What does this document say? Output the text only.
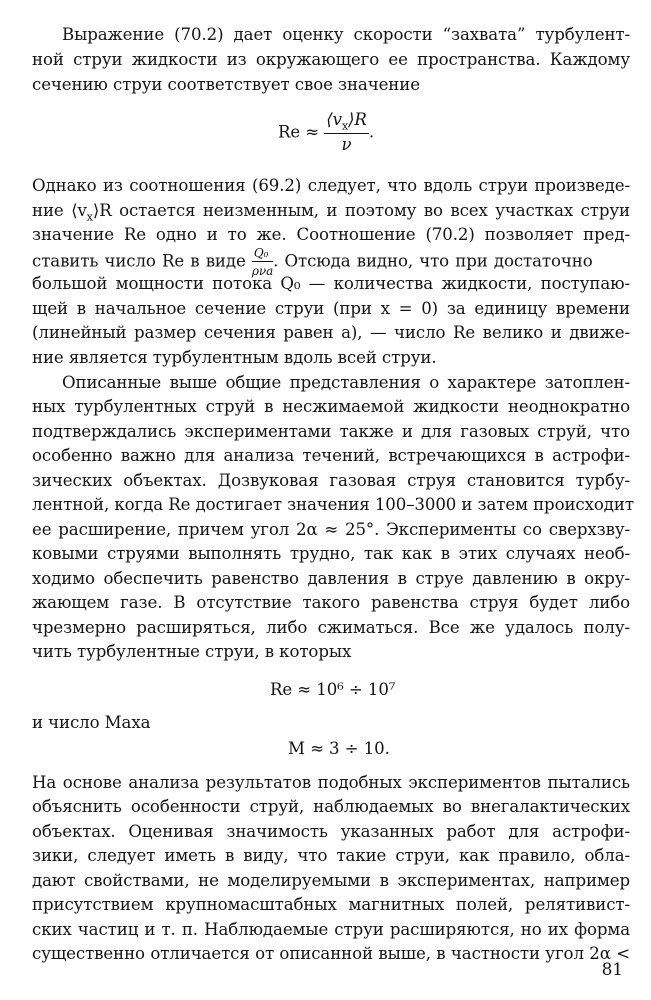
Выражение (70.2) дает оценку скорости “захвата” турбулент-
ной струи жидкости из окружающего ее пространства. Каждому
сечению струи соответствует свое значение
$Re \approx \frac{⟨v_x⟩R}{\nu}$ .
Однако из соотношения (69.2) следует, что вдоль струи произведе-
ние $⟨v_x⟩R$ остается неизменным, и поэтому во всех участках струи
значение Re одно и то же. Соотношение (70.2) позволяет пред-
ставить число Re в виде $\frac{\text{Q₀}}{\text{ρνa}}$ . Отсюда видно, что при достаточно
большой мощности потока Q₀ — количества жидкости, поступаю-
щей в начальное сечение струи (при x = 0) за единицу времени
(линейный размер сечения равен a), — число Re велико и движе-
ние является турбулентным вдоль всей струи.
Описанные выше общие представления о характере затоплен-
ных турбулентных струй в несжимаемой жидкости неоднократно
подтверждались экспериментами также и для газовых струй, что
особенно важно для анализа течений, встречающихся в астрофи-
зических объектах. Дозвуковая газовая струя становится турбу-
лентной, когда Re достигает значения 100–3000 и затем происходит
ее расширение, причем угол 2α ≈ 25°. Эксперименты со сверхзву-
ковыми струями выполнять трудно, так как в этих случаях необ-
ходимо обеспечить равенство давления в струе давлению в окру-
жающем газе. В отсутствие такого равенства струя будет либо
чрезмерно расширяться, либо сжиматься. Все же удалось полу-
чить турбулентные струи, в которых
Re ≈ 10⁶ ÷ 10⁷
и число Маха
M ≈ 3 ÷ 10.
На основе анализа результатов подобных экспериментов пытались
объяснить особенности струй, наблюдаемых во внегалактических
объектах. Оценивая значимость указанных работ для астрофи-
зики, следует иметь в виду, что такие струи, как правило, обла-
дают свойствами, не моделируемыми в экспериментах, например
присутствием крупномасштабных магнитных полей, релятивист-
ских частиц и т. п. Наблюдаемые струи расширяются, но их форма
существенно отличается от описанной выше, в частности угол 2α <
81
